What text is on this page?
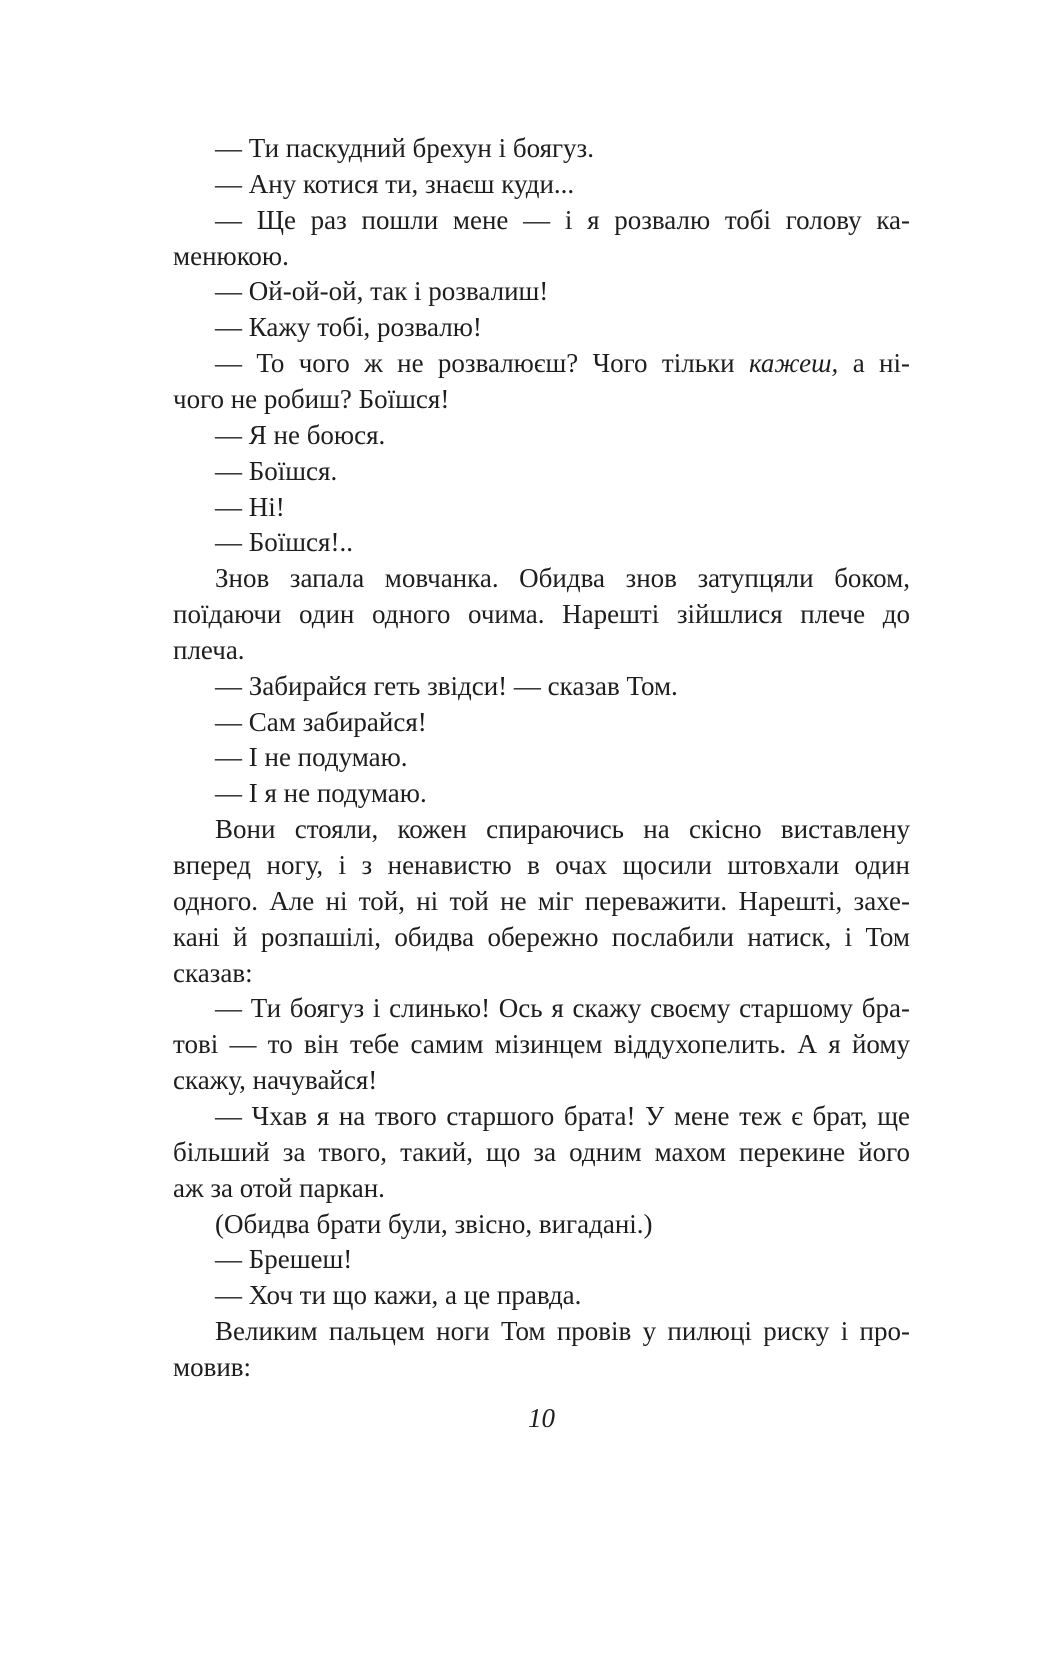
— Ти паскудний брехун і боягуз.
— Ану котися ти, знаєш куди...
— Ще раз пошли мене — і я розвалю тобі голову ка-
менюкою.
— Ой-ой-ой, так і розвалиш!
— Кажу тобі, розвалю!
— То чого ж не розвалюєш? Чого тільки кажеш, а ні-
чого не робиш? Боїшся!
— Я не боюся.
— Боїшся.
— Ні!
— Боїшся!..
Знов запала мовчанка. Обидва знов затупцяли боком,
поїдаючи один одного очима. Нарешті зійшлися плече до
плеча.
— Забирайся геть звідси! — сказав Том.
— Сам забирайся!
— І не подумаю.
— І я не подумаю.
Вони стояли, кожен спираючись на скісно виставлену
вперед ногу, і з ненавистю в очах щосили штовхали один
одного. Але ні той, ні той не міг переважити. Нарешті, захе-
кані й розпашілі, обидва обережно послабили натиск, і Том
сказав:
— Ти боягуз і слинько! Ось я скажу своєму старшому бра-
тові — то він тебе самим мізинцем віддухопелить. А я йому
скажу, начувайся!
— Чхав я на твого старшого брата! У мене теж є брат, ще
більший за твого, такий, що за одним махом перекине його
аж за отой паркан.
(Обидва брати були, звісно, вигадані.)
— Брешеш!
— Хоч ти що кажи, а це правда.
Великим пальцем ноги Том провів у пилюці риску і про-
мовив:
10
